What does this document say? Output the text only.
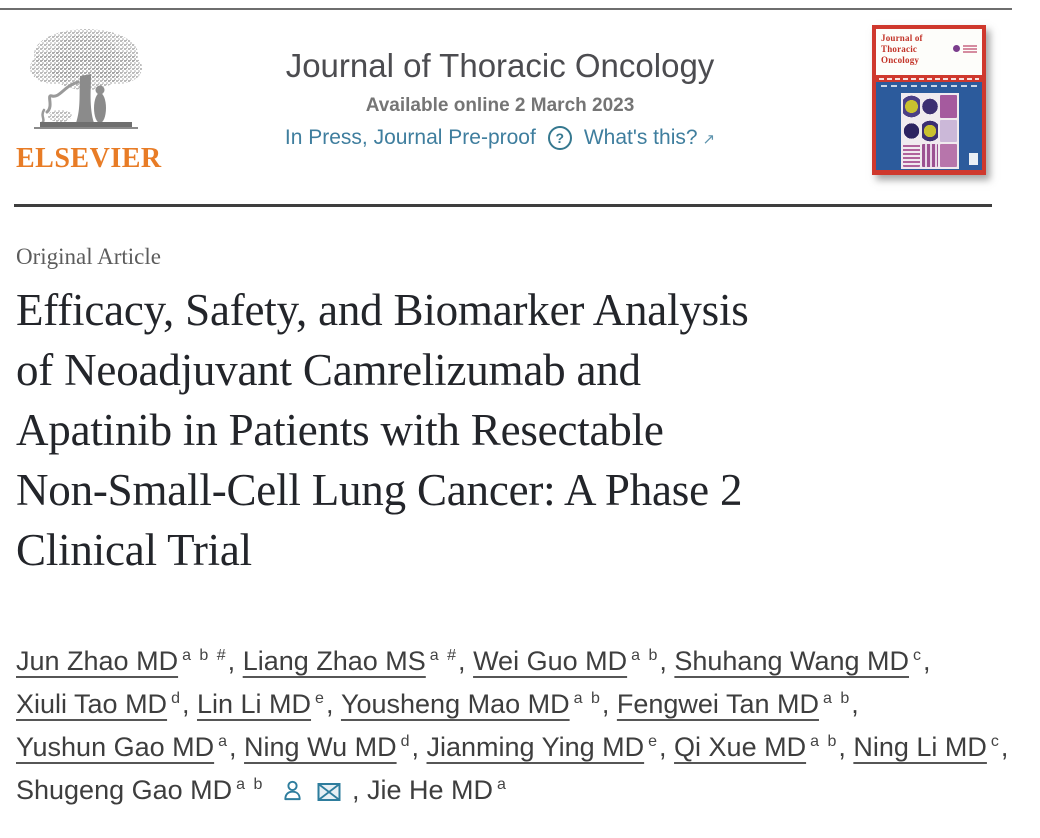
ELSEVIER
Journal of Thoracic Oncology
Available online 2 March 2023
In Press, Journal Pre-proof	? What's this? ↗
Journal of
Thoracic
Oncology
Original Article
Efficacy, Safety, and Biomarker Analysis
of Neoadjuvant Camrelizumab and
Apatinib in Patients with Resectable
Non-Small-Cell Lung Cancer: A Phase 2
Clinical Trial

Jun Zhao MD $^{a b \#}$, Liang Zhao MS $^{a \#}$, Wei Guo MD $^{a b}$, Shuhang Wang MD $^c$, Xiuli Tao MD $^d$, Lin Li MD $^e$, Yousheng Mao MD $^{a b}$, Fengwei Tan MD $^{a b}$, Yushun Gao MD $^a$, Ning Wu MD $^d$, Jianming Ying MD $^e$, Qi Xue MD $^{a b}$, Ning Li MD $^c$, Shugeng Gao MD $^{a b}$	, Jie He MD $^a$
